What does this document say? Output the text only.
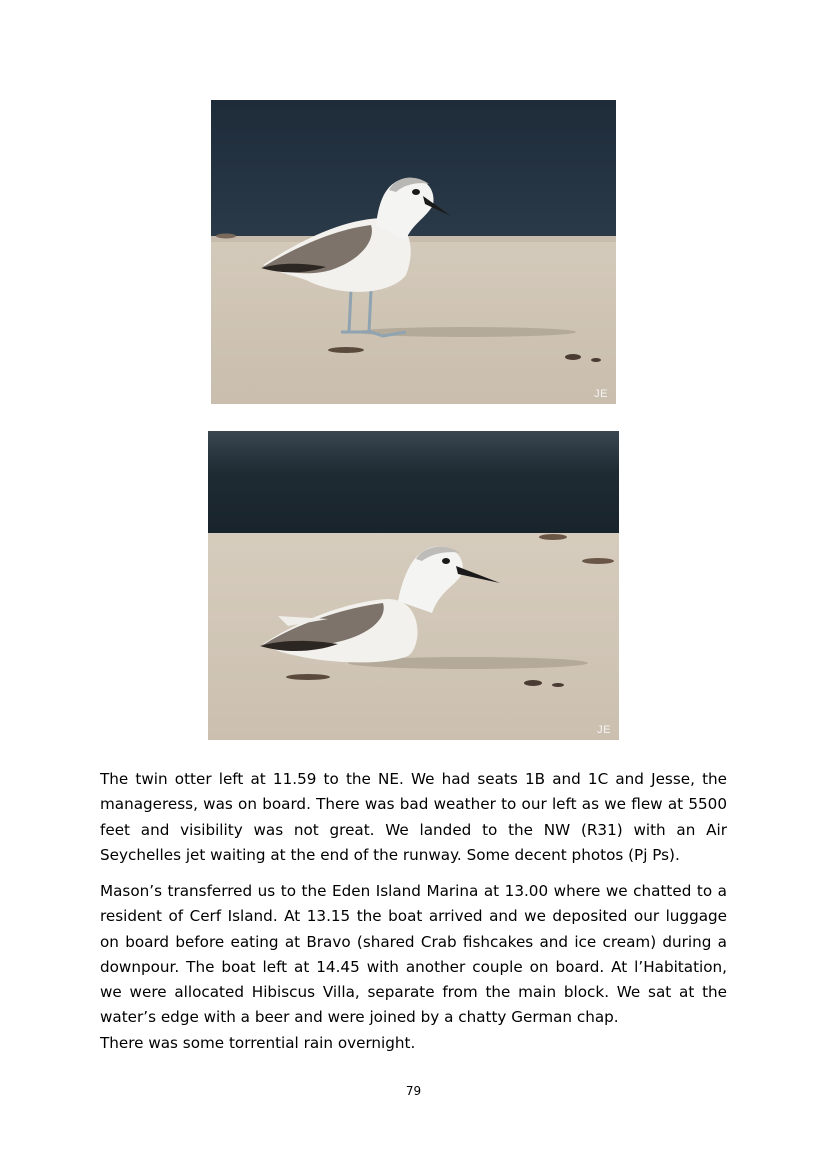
JE
JE

The twin otter left at 11.59 to the NE. We had seats 1B and 1C and Jesse, the manageress, was on board. There was bad weather to our left as we flew at 5500 feet and visibility was not great. We landed to the NW (R31) with an Air Seychelles jet waiting at the end of the runway. Some decent photos (Pj Ps).

Mason’s transferred us to the Eden Island Marina at 13.00 where we chatted to a resident of Cerf Island. At 13.15 the boat arrived and we deposited our luggage on board before eating at Bravo (shared Crab fishcakes and ice cream) during a downpour. The boat left at 14.45 with another couple on board. At l’Habitation, we were allocated Hibiscus Villa, separate from the main block. We sat at the water’s edge with a beer and were joined by a chatty German chap.

There was some torrential rain overnight.

79
